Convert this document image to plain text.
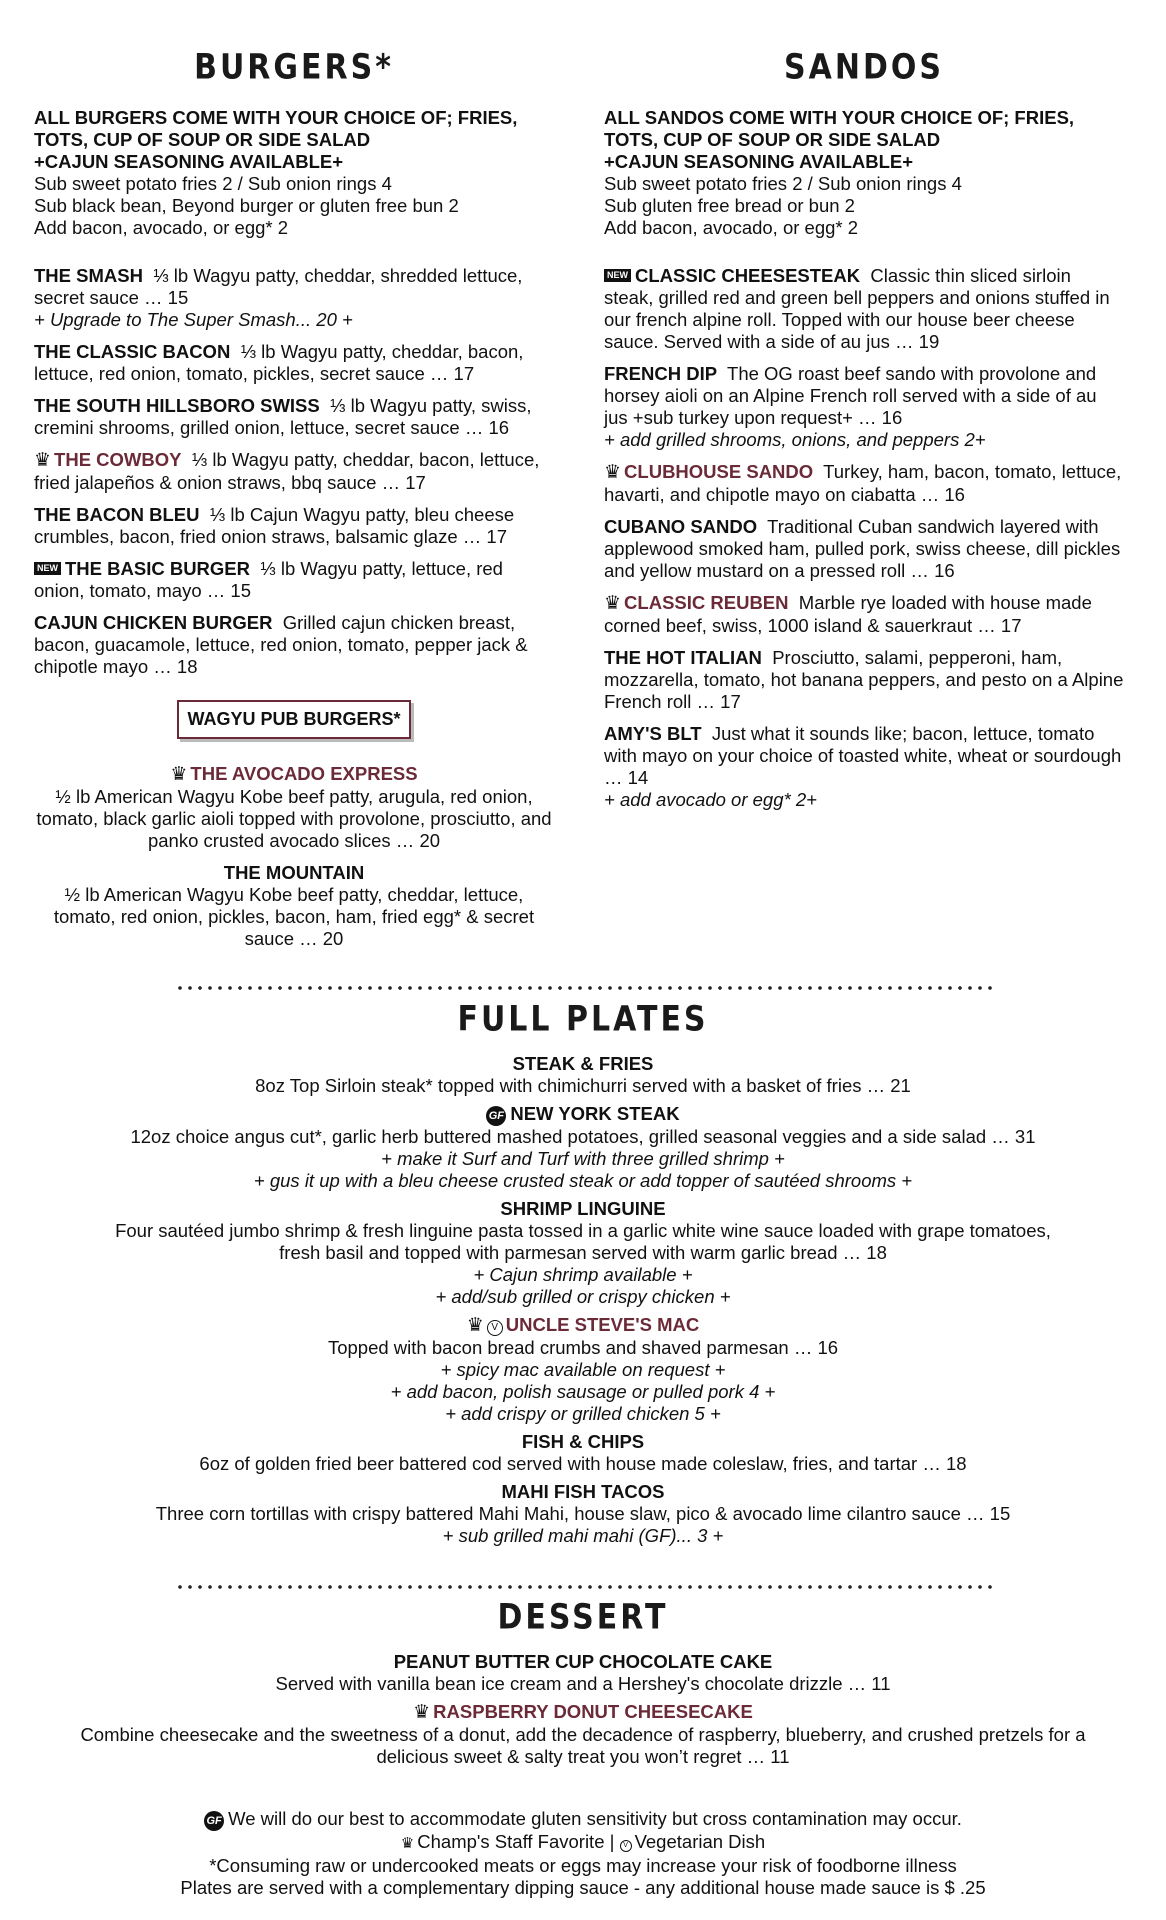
BURGERS*
ALL BURGERS COME WITH YOUR CHOICE OF; FRIES,
TOTS, CUP OF SOUP OR SIDE SALAD
+CAJUN SEASONING AVAILABLE+
Sub sweet potato fries 2 / Sub onion rings 4
Sub black bean, Beyond burger or gluten free bun 2
Add bacon, avocado, or egg* 2
THE SMASH ⅓ lb Wagyu patty, cheddar, shredded lettuce, secret sauce … 15
+ Upgrade to The Super Smash... 20 +
THE CLASSIC BACON ⅓ lb Wagyu patty, cheddar, bacon, lettuce, red onion, tomato, pickles, secret sauce … 17
THE SOUTH HILLSBORO SWISS ⅓ lb Wagyu patty, swiss, cremini shrooms, grilled onion, lettuce, secret sauce … 16
♛ THE COWBOY ⅓ lb Wagyu patty, cheddar, bacon, lettuce, fried jalapeños & onion straws, bbq sauce … 17
THE BACON BLEU ⅓ lb Cajun Wagyu patty, bleu cheese crumbles, bacon, fried onion straws, balsamic glaze … 17
NEW THE BASIC BURGER ⅓ lb Wagyu patty, lettuce, red onion, tomato, mayo … 15
CAJUN CHICKEN BURGER Grilled cajun chicken breast, bacon, guacamole, lettuce, red onion, tomato, pepper jack & chipotle mayo … 18
WAGYU PUB BURGERS*
♛ THE AVOCADO EXPRESS
½ lb American Wagyu Kobe beef patty, arugula, red onion, tomato, black garlic aioli topped with provolone, prosciutto, and panko crusted avocado slices … 20
THE MOUNTAIN
½ lb American Wagyu Kobe beef patty, cheddar, lettuce, tomato, red onion, pickles, bacon, ham, fried egg* & secret sauce … 20
SANDOS
ALL SANDOS COME WITH YOUR CHOICE OF; FRIES,
TOTS, CUP OF SOUP OR SIDE SALAD
+CAJUN SEASONING AVAILABLE+
Sub sweet potato fries 2 / Sub onion rings 4
Sub gluten free bread or bun 2
Add bacon, avocado, or egg* 2
NEW CLASSIC CHEESESTEAK Classic thin sliced sirloin steak, grilled red and green bell peppers and onions stuffed in our french alpine roll. Topped with our house beer cheese sauce. Served with a side of au jus … 19
FRENCH DIP The OG roast beef sando with provolone and horsey aioli on an Alpine French roll served with a side of au jus +sub turkey upon request+ … 16
+ add grilled shrooms, onions, and peppers 2+
♛ CLUBHOUSE SANDO Turkey, ham, bacon, tomato, lettuce, havarti, and chipotle mayo on ciabatta … 16
CUBANO SANDO Traditional Cuban sandwich layered with applewood smoked ham, pulled pork, swiss cheese, dill pickles and yellow mustard on a pressed roll … 16
♛ CLASSIC REUBEN Marble rye loaded with house made corned beef, swiss, 1000 island & sauerkraut … 17
THE HOT ITALIAN Prosciutto, salami, pepperoni, ham, mozzarella, tomato, hot banana peppers, and pesto on a Alpine French roll … 17
AMY'S BLT Just what it sounds like; bacon, lettuce, tomato with mayo on your choice of toasted white, wheat or sourdough … 14
+ add avocado or egg* 2+
FULL PLATES
STEAK & FRIES
8oz Top Sirloin steak* topped with chimichurri served with a basket of fries … 21
GF NEW YORK STEAK
12oz choice angus cut*, garlic herb buttered mashed potatoes, grilled seasonal veggies and a side salad … 31
+ make it Surf and Turf with three grilled shrimp +
+ gus it up with a bleu cheese crusted steak or add topper of sautéed shrooms +
SHRIMP LINGUINE
Four sautéed jumbo shrimp & fresh linguine pasta tossed in a garlic white wine sauce loaded with grape tomatoes,
fresh basil and topped with parmesan served with warm garlic bread … 18
+ Cajun shrimp available +
+ add/sub grilled or crispy chicken +
♛ V UNCLE STEVE'S MAC
Topped with bacon bread crumbs and shaved parmesan … 16
+ spicy mac available on request +
+ add bacon, polish sausage or pulled pork 4 +
+ add crispy or grilled chicken 5 +
FISH & CHIPS
6oz of golden fried beer battered cod served with house made coleslaw, fries, and tartar … 18
MAHI FISH TACOS
Three corn tortillas with crispy battered Mahi Mahi, house slaw, pico & avocado lime cilantro sauce … 15
+ sub grilled mahi mahi (GF)... 3 +
DESSERT
PEANUT BUTTER CUP CHOCOLATE CAKE
Served with vanilla bean ice cream and a Hershey's chocolate drizzle … 11
♛ RASPBERRY DONUT CHEESECAKE
Combine cheesecake and the sweetness of a donut, add the decadence of raspberry, blueberry, and crushed pretzels for a
delicious sweet & salty treat you won’t regret … 11
GF We will do our best to accommodate gluten sensitivity but cross contamination may occur.
♛ Champ's Staff Favorite | V Vegetarian Dish
*Consuming raw or undercooked meats or eggs may increase your risk of foodborne illness
Plates are served with a complementary dipping sauce - any additional house made sauce is $ .25
